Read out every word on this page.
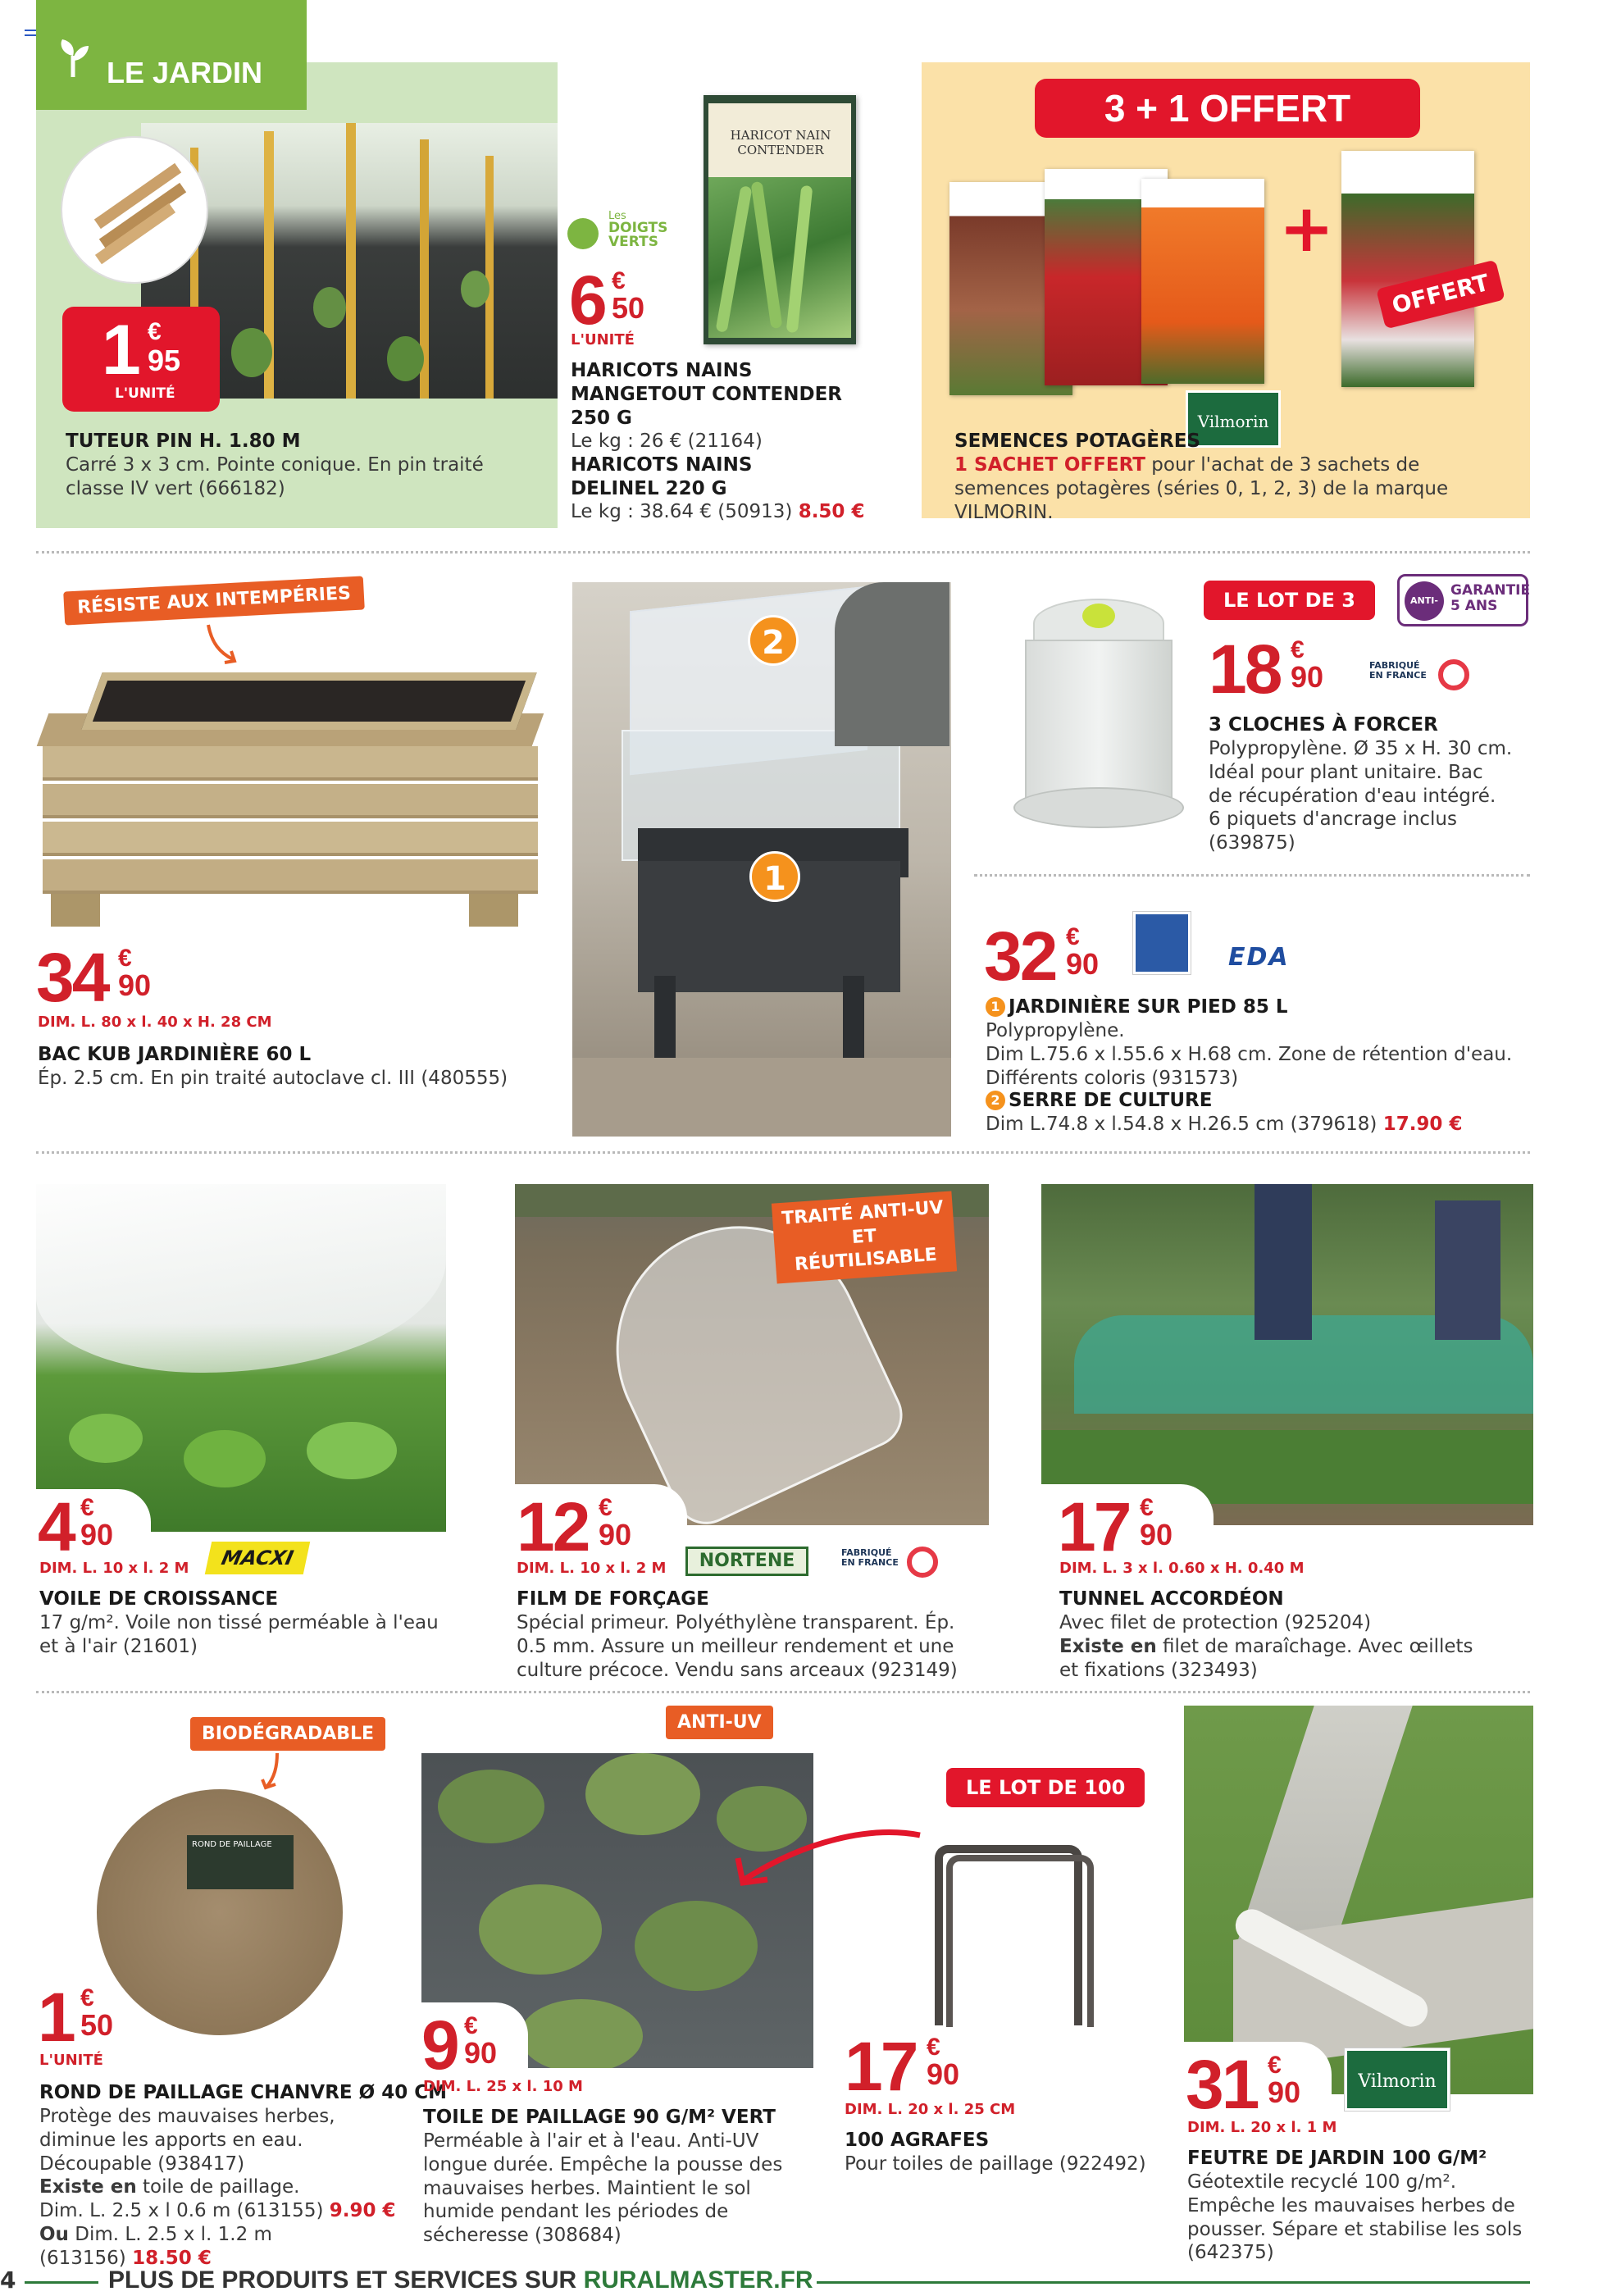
LE JARDIN
1 €
95
L'UNITÉ
TUTEUR PIN H. 1.80 M
Carré 3 x 3 cm. Pointe conique. En pin traité classe IV vert (666182)
Les
DOIGTS VERTS
HARICOT NAIN CONTENDER
6 €
50
L'UNITÉ
HARICOTS NAINS MANGETOUT CONTENDER 250 G
Le kg : 26 € (21164)
HARICOTS NAINS DELINEL 220 G
Le kg : 38.64 € (50913) 8.50 €
3 + 1 OFFERT
+
OFFERT
Vilmorin
SEMENCES POTAGÈRES
1 SACHET OFFERT pour l'achat de 3 sachets de semences potagères (séries 0, 1, 2, 3) de la marque VILMORIN.
RÉSISTE AUX INTEMPÉRIES
34 €
90
DIM. L. 80 x l. 40 x H. 28 CM
BAC KUB JARDINIÈRE 60 L
Ép. 2.5 cm. En pin traité autoclave cl. III (480555)
2
1
LE LOT DE 3	ANTI-UV
GARANTIE 5 ANS
18 €
90	FABRIQUÉ EN FRANCE
3 CLOCHES À FORCER
Polypropylène. Ø 35 x H. 30 cm.
Idéal pour plant unitaire. Bac
de récupération d'eau intégré.
6 piquets d'ancrage inclus (639875)
32 €
90	EDA
1 JARDINIÈRE SUR PIED 85 L
Polypropylène.
Dim L.75.6 x l.55.6 x H.68 cm. Zone de rétention d'eau.
Différents coloris (931573)
2 SERRE DE CULTURE
Dim L.74.8 x l.54.8 x H.26.5 cm (379618) 17.90 €
4 €
90
DIM. L. 10 x l. 2 M	MACXI
VOILE DE CROISSANCE
17 g/m². Voile non tissé perméable à l'eau et à l'air (21601)
TRAITÉ ANTI-UV ET RÉUTILISABLE
12 €
90
DIM. L. 10 x l. 2 M	NORTENE	FABRIQUÉ EN FRANCE
FILM DE FORÇAGE
Spécial primeur. Polyéthylène transparent. Ép. 0.5 mm. Assure un meilleur rendement et une culture précoce. Vendu sans arceaux (923149)
17 €
90
DIM. L. 3 x l. 0.60 x H. 0.40 M
TUNNEL ACCORDÉON
Avec filet de protection (925204)
Existe en filet de maraîchage. Avec œillets et fixations (323493)
BIODÉGRADABLE
ROND DE PAILLAGE
1 €
50
L'UNITÉ
ROND DE PAILLAGE CHANVRE Ø 40 CM
Protège des mauvaises herbes, diminue les apports en eau. Découpable (938417)
Existe en toile de paillage.
Dim. L. 2.5 x l 0.6 m (613155) 9.90 €
Ou Dim. L. 2.5 x l. 1.2 m
(613156) 18.50 €
ANTI-UV
9 €
90
DIM. L. 25 x l. 10 M
TOILE DE PAILLAGE 90 G/M² VERT
Perméable à l'air et à l'eau. Anti-UV longue durée. Empêche la pousse des mauvaises herbes. Maintient le sol humide pendant les périodes de sécheresse (308684)
LE LOT DE 100
17 €
90
DIM. L. 20 x l. 25 CM
100 AGRAFES
Pour toiles de paillage (922492)
31 €
90	Vilmorin
DIM. L. 20 x l. 1 M
FEUTRE DE JARDIN 100 G/M²
Géotextile recyclé 100 g/m². Empêche les mauvaises herbes de pousser. Sépare et stabilise les sols (642375)
4	PLUS DE PRODUITS ET SERVICES SUR RURALMASTER.FR
